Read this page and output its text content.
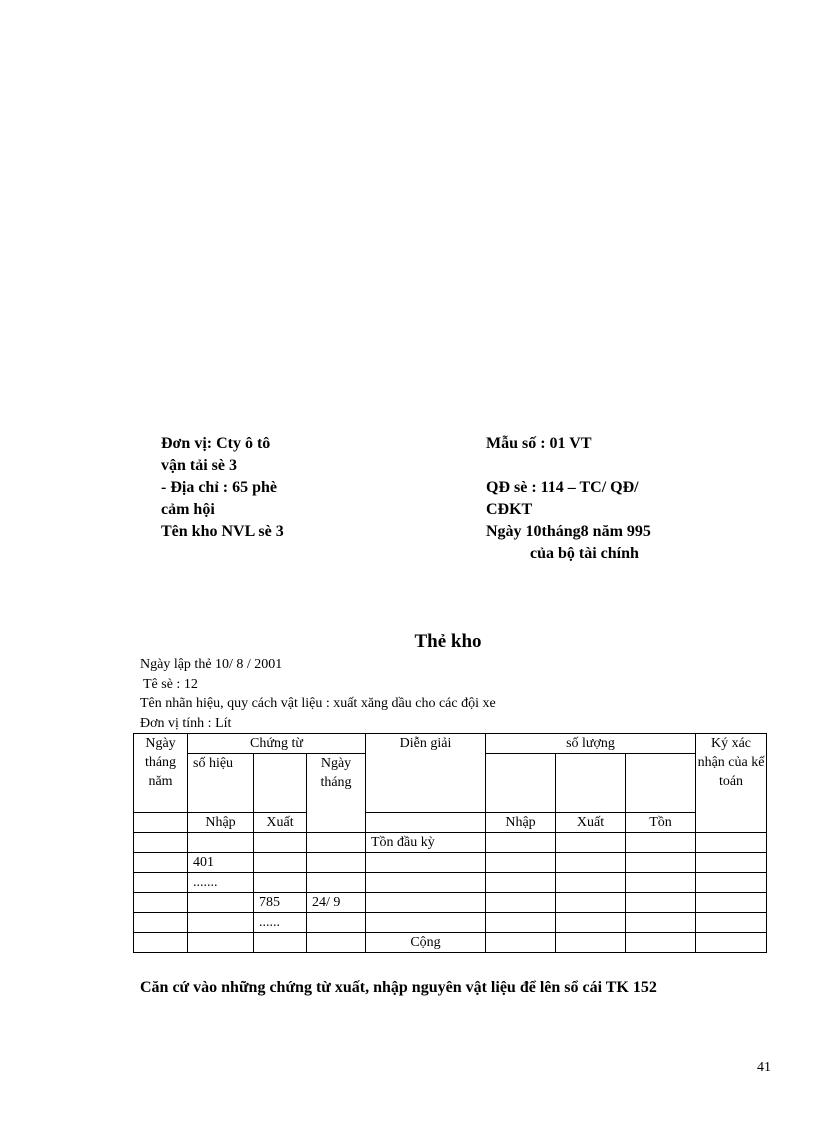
Đơn vị: Cty ô tô
vận tải sè 3
- Địa chỉ : 65 phè
cảm hội
Tên kho NVL sè 3
Mẫu số : 01 VT
QĐ sè : 114 – TC/ QĐ/
CĐKT
Ngày 10tháng8 năm 995
của bộ tài chính
Thẻ kho
Ngày lập thẻ 10/ 8 / 2001
Tê sè : 12
Tên nhãn hiệu, quy cách vật liệu : xuất xăng dầu cho các đội xe
Đơn vị tính : Lít
Ngày tháng năm	Chứng từ			Diễn giải	số lượng			Ký xác nhận của kế toán
	số hiệu		Ngày tháng					
	Nhập	Xuất			Nhập	Xuất	Tồn	
				Tồn đầu kỳ				
	401							
	.......							
		785	24/ 9					
		......						
				Cộng				
Căn cứ vào những chứng từ xuất, nhập nguyên vật liệu để lên sổ cái TK 152
41
